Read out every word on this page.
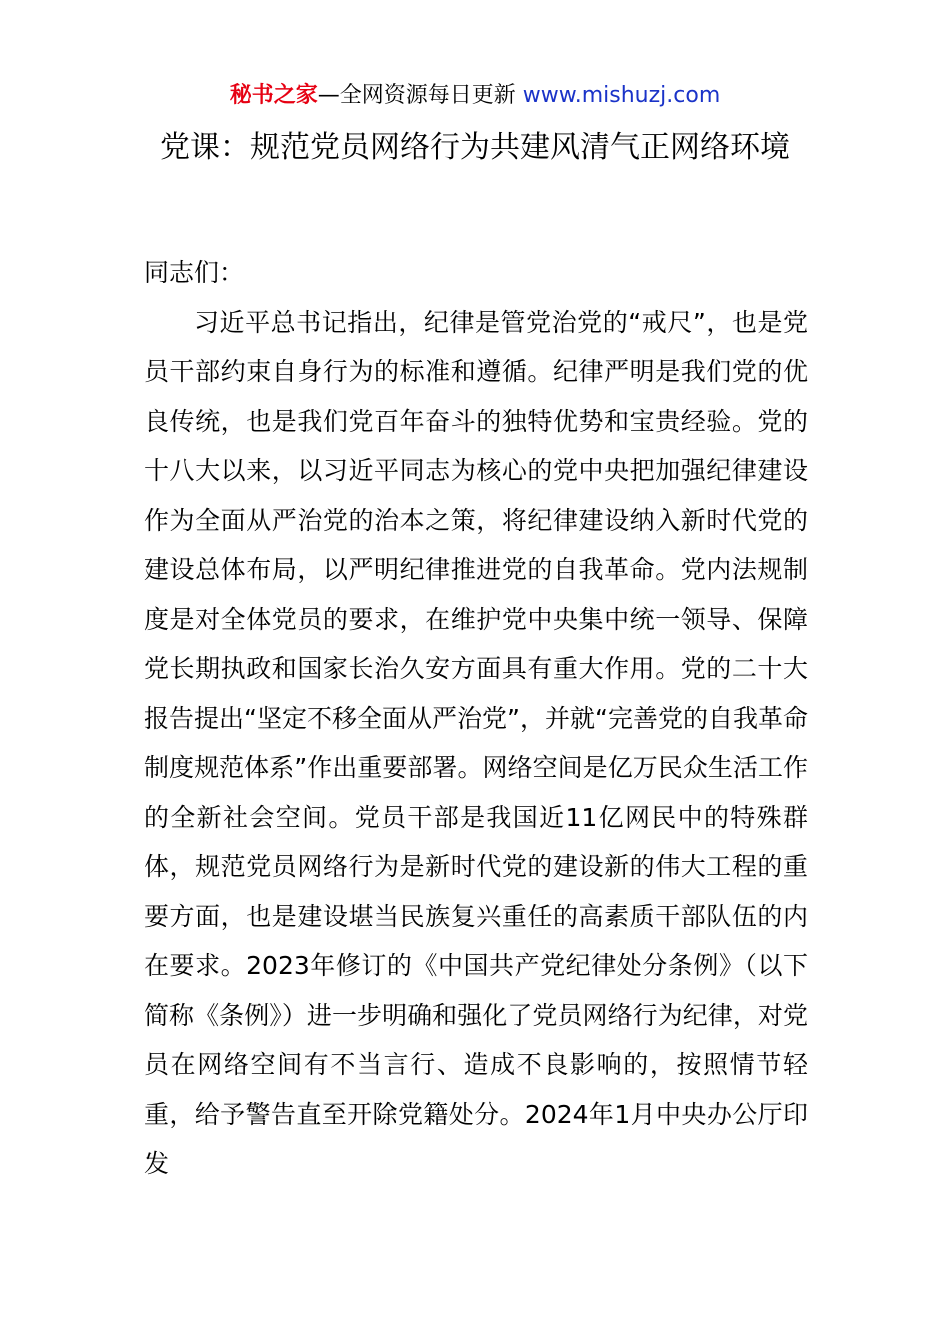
秘书之家—全网资源每日更新 www.mishuzj.com
党课：规范党员网络行为共建风清气正网络环境

同志们：

习近平总书记指出，纪律是管党治党的“戒尺”，也是党员干部约束自身行为的标准和遵循。纪律严明是我们党的优良传统，也是我们党百年奋斗的独特优势和宝贵经验。党的十八大以来，以习近平同志为核心的党中央把加强纪律建设作为全面从严治党的治本之策，将纪律建设纳入新时代党的建设总体布局，以严明纪律推进党的自我革命。党内法规制度是对全体党员的要求，在维护党中央集中统一领导、保障党长期执政和国家长治久安方面具有重大作用。党的二十大报告提出“坚定不移全面从严治党”，并就“完善党的自我革命制度规范体系”作出重要部署。网络空间是亿万民众生活工作的全新社会空间。党员干部是我国近11亿网民中的特殊群体，规范党员网络行为是新时代党的建设新的伟大工程的重要方面，也是建设堪当民族复兴重任的高素质干部队伍的内在要求。2023年修订的《中国共产党纪律处分条例》（以下简称《条例》）进一步明确和强化了党员网络行为纪律，对党员在网络空间有不当言行、造成不良影响的，按照情节轻重，给予警告直至开除党籍处分。2024年1月中央办公厅印发
